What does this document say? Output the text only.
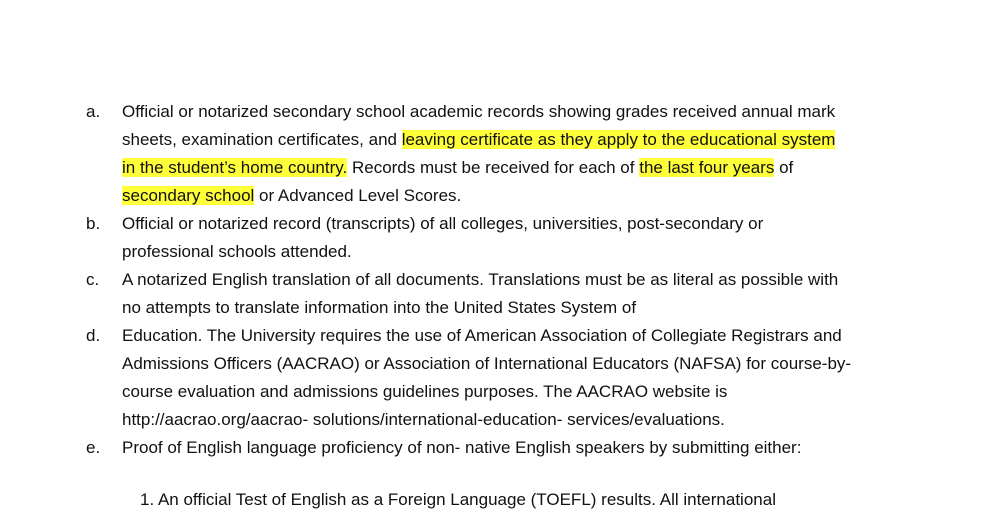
a. Official or notarized secondary school academic records showing grades received annual mark
sheets, examination certificates, and leaving certificate as they apply to the educational system
in the student’s home country. Records must be received for each of the last four years of
secondary school or Advanced Level Scores.
b. Official or notarized record (transcripts) of all colleges, universities, post-secondary or
professional schools attended.
c. A notarized English translation of all documents. Translations must be as literal as possible with
no attempts to translate information into the United States System of
d. Education. The University requires the use of American Association of Collegiate Registrars and
Admissions Officers (AACRAO) or Association of International Educators (NAFSA) for course-by-
course evaluation and admissions guidelines purposes. The AACRAO website is
http://aacrao.org/aacrao- solutions/international-education- services/evaluations.
e. Proof of English language proficiency of non- native English speakers by submitting either:
1. An official Test of English as a Foreign Language (TOEFL) results. All international
